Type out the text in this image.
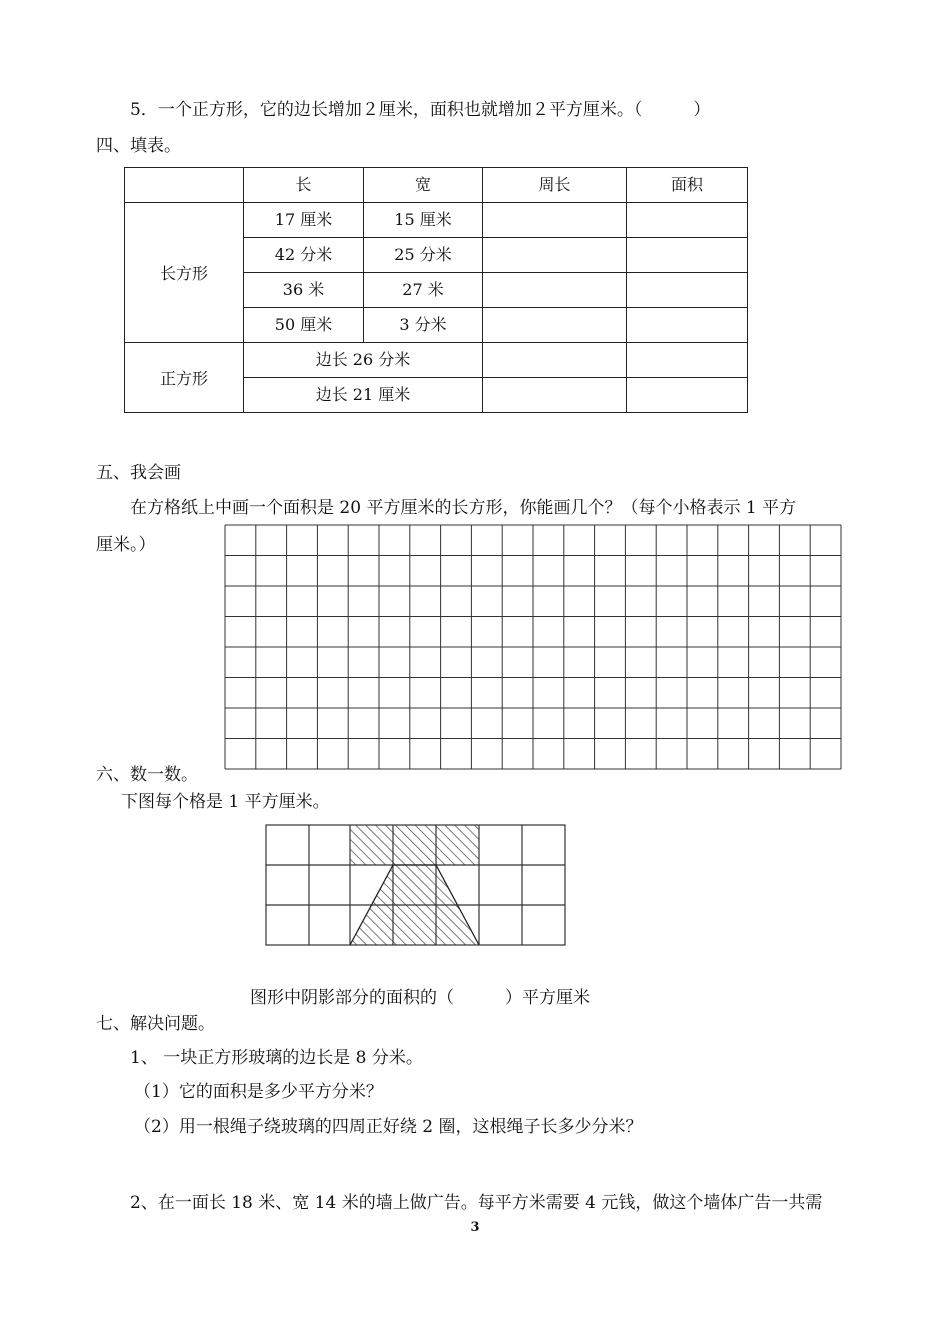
5．一个正方形，它的边长增加２厘米，面积也就增加２平方厘米。（　　　）
四、填表。
	长	宽	周长	面积
长方形	17 厘米	15 厘米		
	42 分米	25 分米		
	36 米	27 米		
	50 厘米	3 分米		
正方形	边长 26 分米			
	边长 21 厘米			
五、我会画
在方格纸上中画一个面积是 20 平方厘米的长方形，你能画几个？（每个小格表示 1 平方
厘米。）
六、数一数。
下图每个格是 1 平方厘米。
图形中阴影部分的面积的（　　　）平方厘米
七、解决问题。
1、 一块正方形玻璃的边长是 8 分米。
（1）它的面积是多少平方分米？
（2）用一根绳子绕玻璃的四周正好绕 2 圈，这根绳子长多少分米？
2、在一面长 18 米、宽 14 米的墙上做广告。每平方米需要 4 元钱，做这个墙体广告一共需
3
